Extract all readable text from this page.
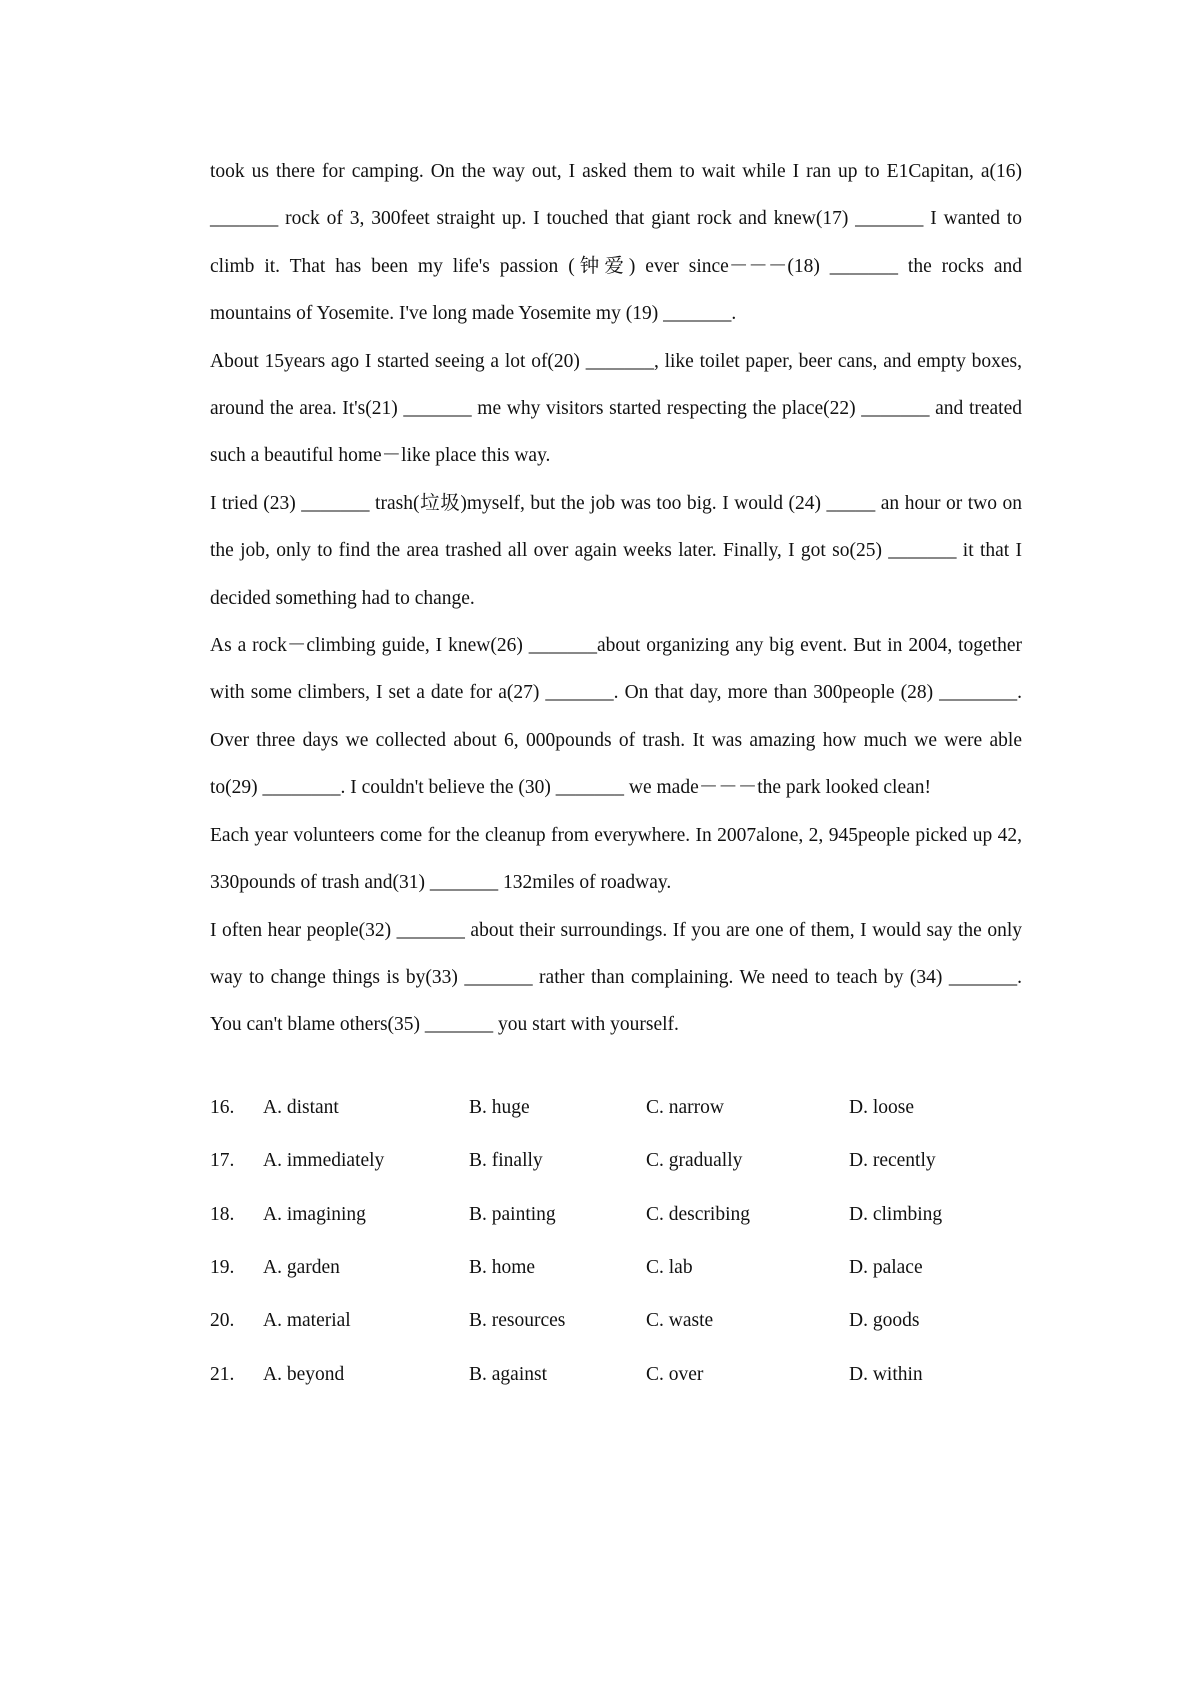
took us there for camping. On the way out, I asked them to wait while I ran up to E1Capitan, a(16) _______ rock of 3, 300feet straight up. I touched that giant rock and knew(17) _______ I wanted to climb it. That has been my life's passion (钟爱) ever since－－－(18) _______ the rocks and mountains of Yosemite. I've long made Yosemite my (19) _______.

About 15years ago I started seeing a lot of(20) _______, like toilet paper, beer cans, and empty boxes, around the area. It's(21) _______ me why visitors started respecting the place(22) _______ and treated such a beautiful home－like place this way.

I tried (23) _______ trash(垃圾)myself, but the job was too big. I would (24) _____ an hour or two on the job, only to find the area trashed all over again weeks later. Finally, I got so(25) _______ it that I decided something had to change.

As a rock－climbing guide, I knew(26) _______about organizing any big event. But in 2004, together with some climbers, I set a date for a(27) _______. On that day, more than 300people (28) ________. Over three days we collected about 6, 000pounds of trash. It was amazing how much we were able to(29) ________. I couldn't believe the (30) _______ we made－－－the park looked clean!

Each year volunteers come for the cleanup from everywhere. In 2007alone, 2, 945people picked up 42, 330pounds of trash and(31) _______ 132miles of roadway.

I often hear people(32) _______ about their surroundings. If you are one of them, I would say the only way to change things is by(33) _______ rather than complaining. We need to teach by (34) _______. You can't blame others(35) _______ you start with yourself.

16.	A. distant	B. huge	C. narrow	D. loose
17.	A. immediately	B. finally	C. gradually	D. recently
18.	A. imagining	B. painting	C. describing	D. climbing
19.	A. garden	B. home	C. lab	D. palace
20.	A. material	B. resources	C. waste	D. goods
21.	A. beyond	B. against	C. over	D. within
